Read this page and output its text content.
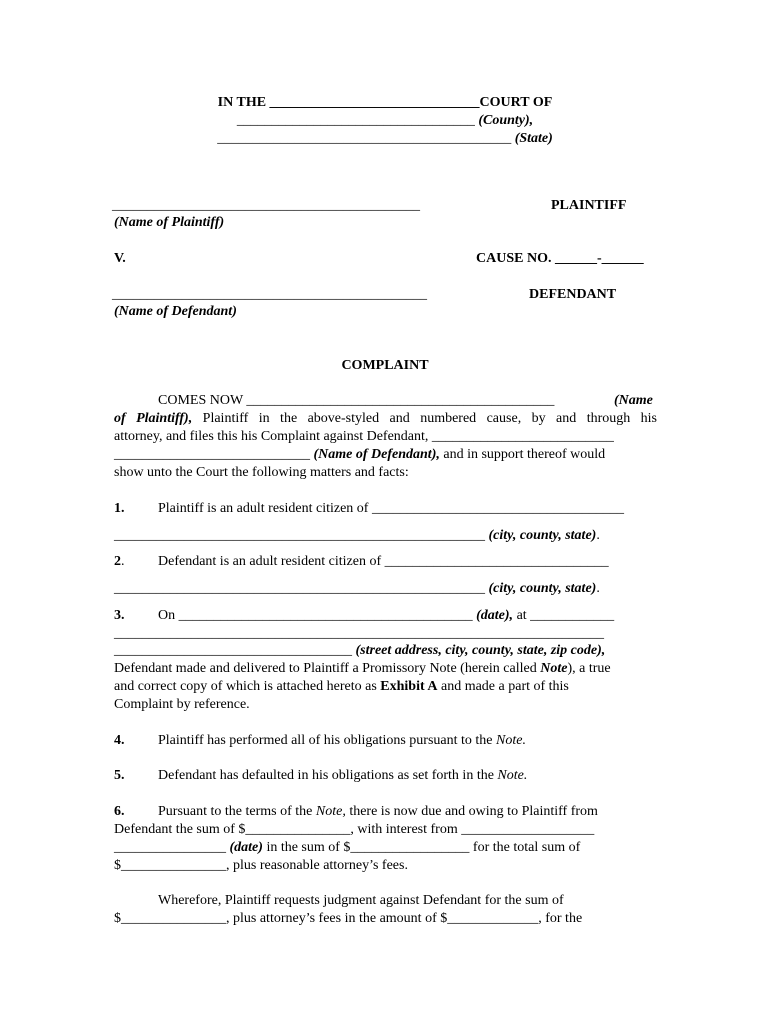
IN THE ______________________________COURT OF
__________________________________ (County),
__________________________________________ (State)
____________________________________________	PLAINTIFF
(Name of Plaintiff)
V.	CAUSE NO. ______-______
_____________________________________________	DEFENDANT
(Name of Defendant)
COMPLAINT
COMES NOW ____________________________________________	(Name
of Plaintiff), Plaintiff in the above-styled and numbered cause, by and through his
attorney, and files this his Complaint against Defendant, __________________________
____________________________ (Name of Defendant), and in support thereof would
show unto the Court the following matters and facts:
1. Plaintiff is an adult resident citizen of ____________________________________
_____________________________________________________ (city, county, state).
2. Defendant is an adult resident citizen of ________________________________
_____________________________________________________ (city, county, state).
3. On __________________________________________ (date), at ____________
______________________________________________________________________
__________________________________ (street address, city, county, state, zip code),
Defendant made and delivered to Plaintiff a Promissory Note (herein called Note), a true
and correct copy of which is attached hereto as Exhibit A and made a part of this
Complaint by reference.
4. Plaintiff has performed all of his obligations pursuant to the Note.
5. Defendant has defaulted in his obligations as set forth in the Note.
6. Pursuant to the terms of the Note, there is now due and owing to Plaintiff from
Defendant the sum of $_______________, with interest from ___________________
________________ (date) in the sum of $_________________ for the total sum of
$_______________, plus reasonable attorney’s fees.
Wherefore, Plaintiff requests judgment against Defendant for the sum of
$_______________, plus attorney’s fees in the amount of $_____________, for the
